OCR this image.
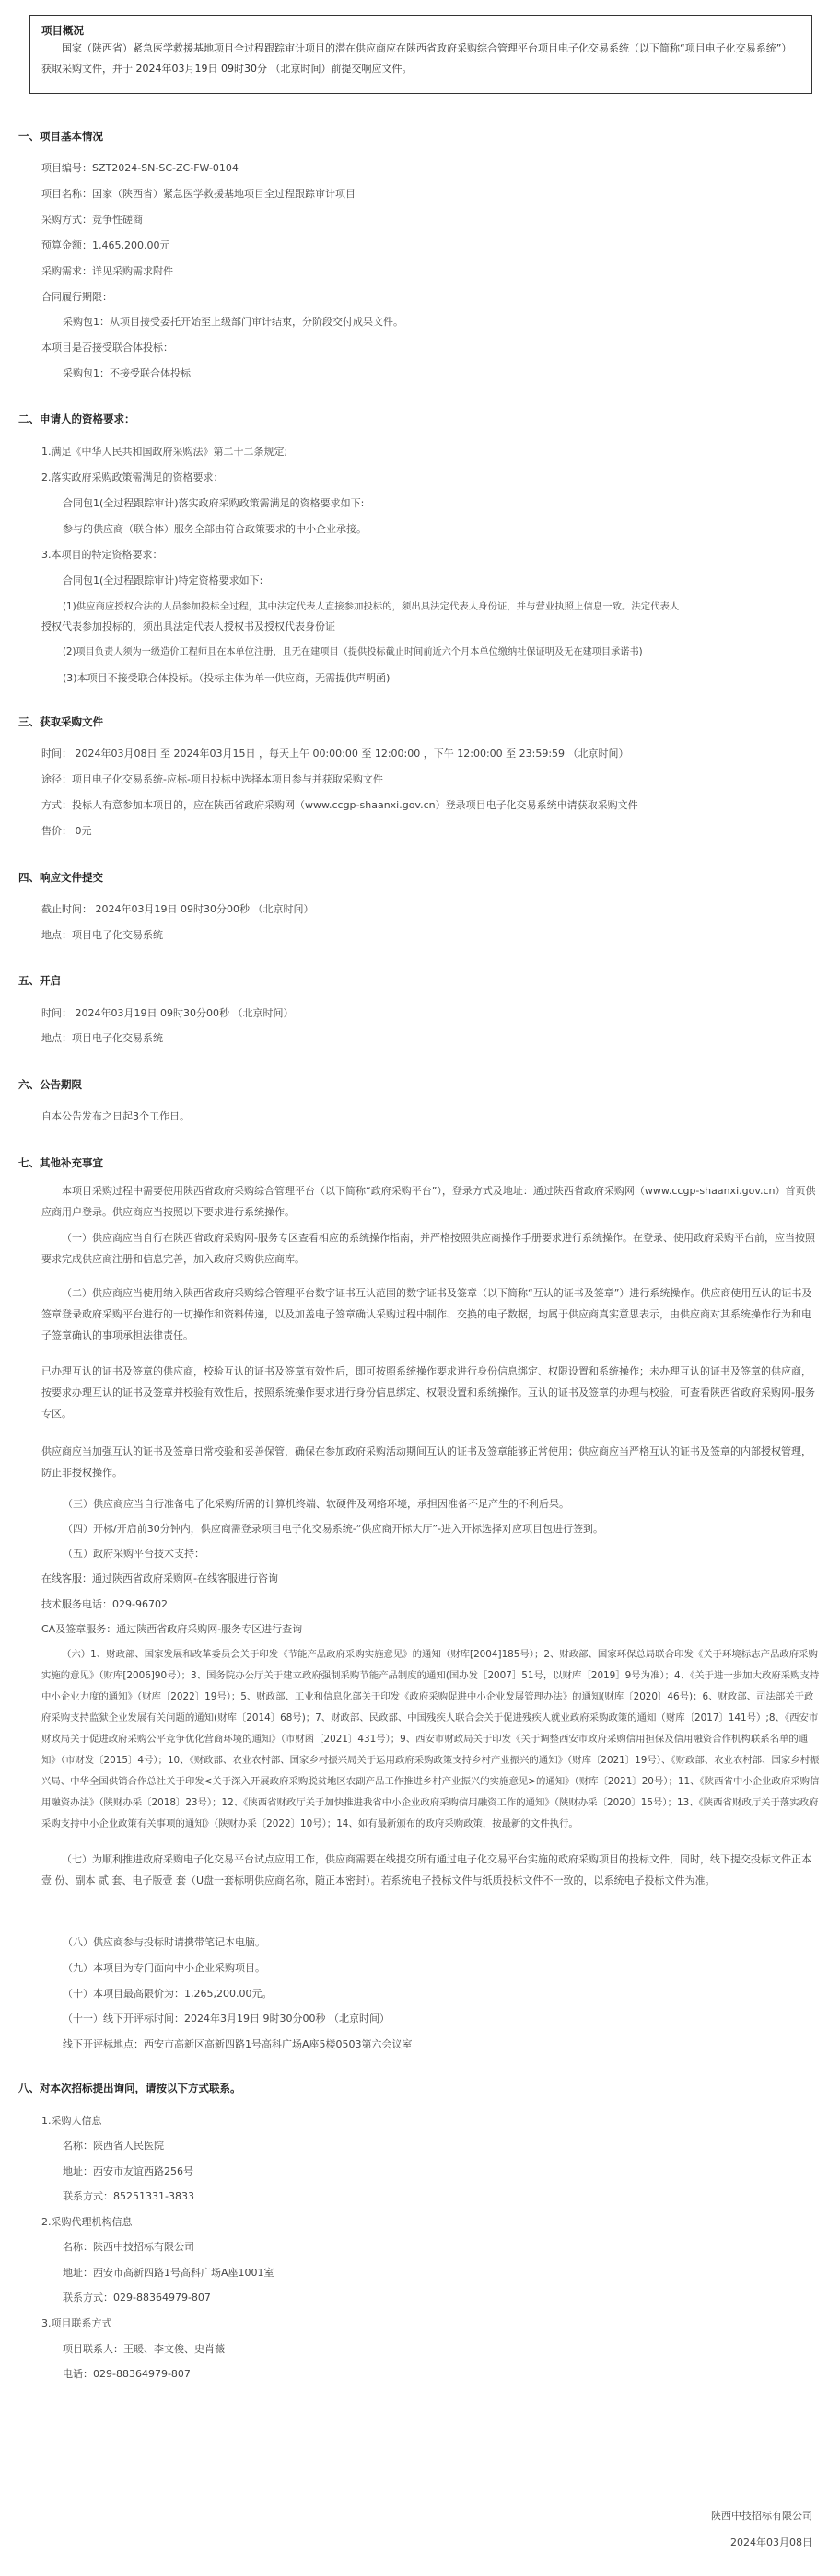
项目概况
国家（陕西省）紧急医学救援基地项目全过程跟踪审计项目的潜在供应商应在陕西省政府采购综合管理平台项目电子化交易系统（以下简称“项目电子化交易系统”）获取采购文件，并于 2024年03月19日 09时30分 （北京时间）前提交响应文件。
一、项目基本情况
项目编号：SZT2024-SN-SC-ZC-FW-0104
项目名称：国家（陕西省）紧急医学救援基地项目全过程跟踪审计项目
采购方式：竞争性磋商
预算金额：1,465,200.00元
采购需求：详见采购需求附件
合同履行期限：
采购包1：从项目接受委托开始至上级部门审计结束，分阶段交付成果文件。
本项目是否接受联合体投标：
采购包1：不接受联合体投标
二、申请人的资格要求：
1.满足《中华人民共和国政府采购法》第二十二条规定;
2.落实政府采购政策需满足的资格要求：
合同包1(全过程跟踪审计)落实政府采购政策需满足的资格要求如下:
参与的供应商（联合体）服务全部由符合政策要求的中小企业承接。
3.本项目的特定资格要求：
合同包1(全过程跟踪审计)特定资格要求如下:
(1)供应商应授权合法的人员参加投标全过程，其中法定代表人直接参加投标的，须出具法定代表人身份证，并与营业执照上信息一致。法定代表人
授权代表参加投标的，须出具法定代表人授权书及授权代表身份证
(2)项目负责人须为一级造价工程师且在本单位注册，且无在建项目（提供投标截止时间前近六个月本单位缴纳社保证明及无在建项目承诺书)
(3)本项目不接受联合体投标。（投标主体为单一供应商，无需提供声明函)
三、获取采购文件
时间： 2024年03月08日 至 2024年03月15日 ，每天上午 00:00:00 至 12:00:00 ，下午 12:00:00 至 23:59:59 （北京时间）
途径：项目电子化交易系统-应标-项目投标中选择本项目参与并获取采购文件
方式：投标人有意参加本项目的，应在陕西省政府采购网（www.ccgp-shaanxi.gov.cn）登录项目电子化交易系统申请获取采购文件
售价： 0元
四、响应文件提交
截止时间： 2024年03月19日 09时30分00秒 （北京时间）
地点：项目电子化交易系统
五、开启
时间： 2024年03月19日 09时30分00秒 （北京时间）
地点：项目电子化交易系统
六、公告期限
自本公告发布之日起3个工作日。
七、其他补充事宜
本项目采购过程中需要使用陕西省政府采购综合管理平台（以下简称“政府采购平台”），登录方式及地址：通过陕西省政府采购网（www.ccgp-shaanxi.gov.cn）首页供应商用户登录。供应商应当按照以下要求进行系统操作。
（一）供应商应当自行在陕西省政府采购网-服务专区查看相应的系统操作指南，并严格按照供应商操作手册要求进行系统操作。在登录、使用政府采购平台前，应当按照要求完成供应商注册和信息完善，加入政府采购供应商库。
（二）供应商应当使用纳入陕西省政府采购综合管理平台数字证书互认范围的数字证书及签章（以下简称“互认的证书及签章”）进行系统操作。供应商使用互认的证书及签章登录政府采购平台进行的一切操作和资料传递，以及加盖电子签章确认采购过程中制作、交换的电子数据，均属于供应商真实意思表示，由供应商对其系统操作行为和电子签章确认的事项承担法律责任。
已办理互认的证书及签章的供应商，校验互认的证书及签章有效性后，即可按照系统操作要求进行身份信息绑定、权限设置和系统操作；未办理互认的证书及签章的供应商，按要求办理互认的证书及签章并校验有效性后，按照系统操作要求进行身份信息绑定、权限设置和系统操作。互认的证书及签章的办理与校验，可查看陕西省政府采购网-服务专区。
供应商应当加强互认的证书及签章日常校验和妥善保管，确保在参加政府采购活动期间互认的证书及签章能够正常使用；供应商应当严格互认的证书及签章的内部授权管理，防止非授权操作。
（三）供应商应当自行准备电子化采购所需的计算机终端、软硬件及网络环境，承担因准备不足产生的不利后果。
（四）开标/开启前30分钟内，供应商需登录项目电子化交易系统-“供应商开标大厅”-进入开标选择对应项目包进行签到。
（五）政府采购平台技术支持：
在线客服：通过陕西省政府采购网-在线客服进行咨询
技术服务电话：029-96702
CA及签章服务：通过陕西省政府采购网-服务专区进行查询
（六）1、财政部、国家发展和改革委员会关于印发《节能产品政府采购实施意见》的通知（财库[2004]185号）；2、财政部、国家环保总局联合印发《关于环境标志产品政府采购实施的意见》（财库[2006]90号）；3、国务院办公厅关于建立政府强制采购节能产品制度的通知(国办发［2007］51号，以财库［2019］9号为准）；4、《关于进一步加大政府采购支持中小企业力度的通知》（财库〔2022〕19号）；5、财政部、工业和信息化部关于印发《政府采购促进中小企业发展管理办法》的通知(财库〔2020〕46号)；6、财政部、司法部关于政府采购支持监狱企业发展有关问题的通知(财库〔2014〕68号)；7、财政部、民政部、中国残疾人联合会关于促进残疾人就业政府采购政策的通知（财库〔2017〕141号）;8、《西安市财政局关于促进政府采购公平竞争优化营商环境的通知》（市财函〔2021〕431号）；9、西安市财政局关于印发《关于调整西安市政府采购信用担保及信用融资合作机构联系名单的通知》（市财发〔2015〕4号）；10、《财政部、农业农村部、国家乡村振兴局关于运用政府采购政策支持乡村产业振兴的通知》（财库〔2021〕19号）、《财政部、农业农村部、国家乡村振兴局、中华全国供销合作总社关于印发<关于深入开展政府采购脱贫地区农副产品工作推进乡村产业振兴的实施意见>的通知》（财库〔2021〕20号）；11、《陕西省中小企业政府采购信用融资办法》（陕财办采〔2018〕23号）；12、《陕西省财政厅关于加快推进我省中小企业政府采购信用融资工作的通知》（陕财办采〔2020〕15号）；13、《陕西省财政厅关于落实政府采购支持中小企业政策有关事项的通知》（陕财办采〔2022〕10号）；14、如有最新颁布的政府采购政策，按最新的文件执行。
（七）为顺利推进政府采购电子化交易平台试点应用工作，供应商需要在线提交所有通过电子化交易平台实施的政府采购项目的投标文件，同时，线下提交投标文件正本 壹 份、副本 贰 套、电子版壹 套（U盘一套标明供应商名称，随正本密封）。若系统电子投标文件与纸质投标文件不一致的，以系统电子投标文件为准。
（八）供应商参与投标时请携带笔记本电脑。
（九）本项目为专门面向中小企业采购项目。
（十）本项目最高限价为：1,265,200.00元。
（十一）线下开评标时间：2024年3月19日 9时30分00秒 （北京时间）
线下开评标地点：西安市高新区高新四路1号高科广场A座5楼0503第六会议室
八、对本次招标提出询问，请按以下方式联系。
1.采购人信息
名称：陕西省人民医院
地址：西安市友谊西路256号
联系方式：85251331-3833
2.采购代理机构信息
名称：陕西中技招标有限公司
地址：西安市高新四路1号高科广场A座1001室
联系方式：029-88364979-807
3.项目联系方式
项目联系人：王暖、李文俊、史肖薇
电话：029-88364979-807
陕西中技招标有限公司
2024年03月08日
